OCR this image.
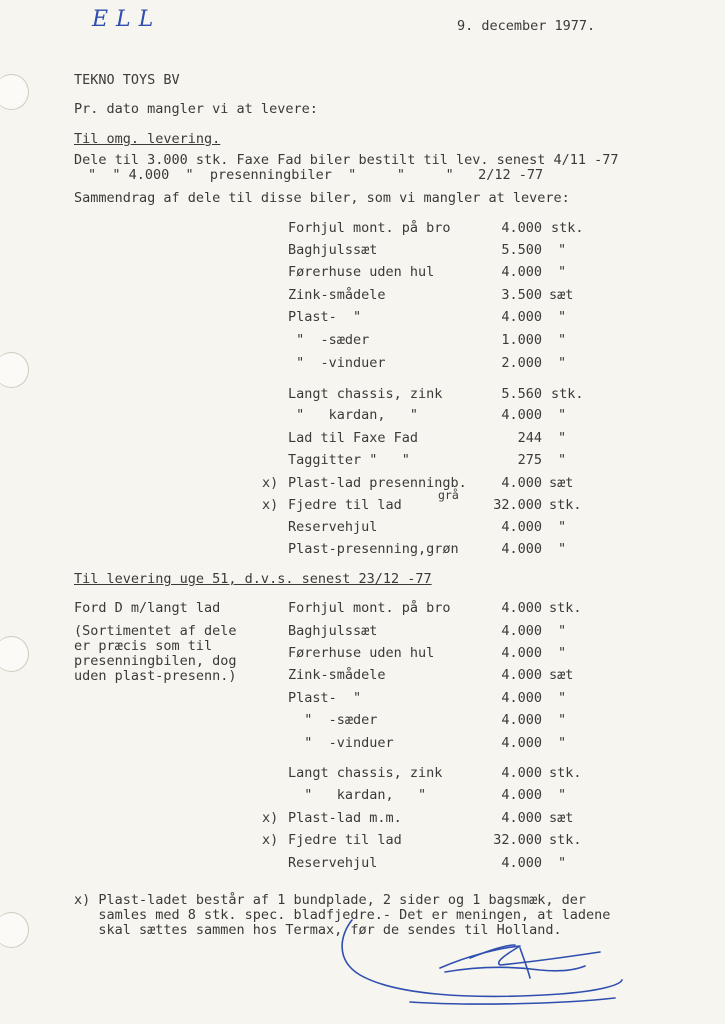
ELL	9. december 1977.
TEKNO TOYS BV
Pr. dato mangler vi at levere:
Til omg. levering.
Dele til 3.000 stk. Faxe Fad biler bestilt til lev. senest 4/11 -77
"  " 4.000  "  presenningbiler  "     "     "   2/12 -77
Sammendrag af dele til disse biler, som vi mangler at levere:
Forhjul mont. på bro	4.000 stk.
Baghjulssæt	5.500 "
Førerhuse uden hul	4.000 "
Zink-smådele	3.500 sæt
Plast-  "	4.000 "
"  -sæder	1.000 "
"  -vinduer	2.000 "
Langt chassis, zink	5.560 stk.
"   kardan,   "	4.000 "
Lad til Faxe Fad	244 "
Taggitter "   "	275 "
x) Plast-lad presenningb.	4.000 sæt
grå
x) Fjedre til lad	32.000 stk.
Reservehjul	4.000 "
Plast-presenning,grøn	4.000 "
Til levering uge 51, d.v.s. senest 23/12 -77
Ford D m/langt lad
(Sortimentet af dele
er præcis som til
presenningbilen, dog
uden plast-presenn.)
Forhjul mont. på bro	4.000 stk.
Baghjulssæt	4.000 "
Førerhuse uden hul	4.000 "
Zink-smådele	4.000 sæt
Plast-  "	4.000 "
"  -sæder	4.000 "
"  -vinduer	4.000 "
Langt chassis, zink	4.000 stk.
"   kardan,   "	4.000 "
x) Plast-lad m.m.	4.000 sæt
x) Fjedre til lad	32.000 stk.
Reservehjul	4.000 "
x) Plast-ladet består af 1 bundplade, 2 sider og 1 bagsmæk, der
samles med 8 stk. spec. bladfjedre.- Det er meningen, at ladene
skal sættes sammen hos Termax, før de sendes til Holland.
